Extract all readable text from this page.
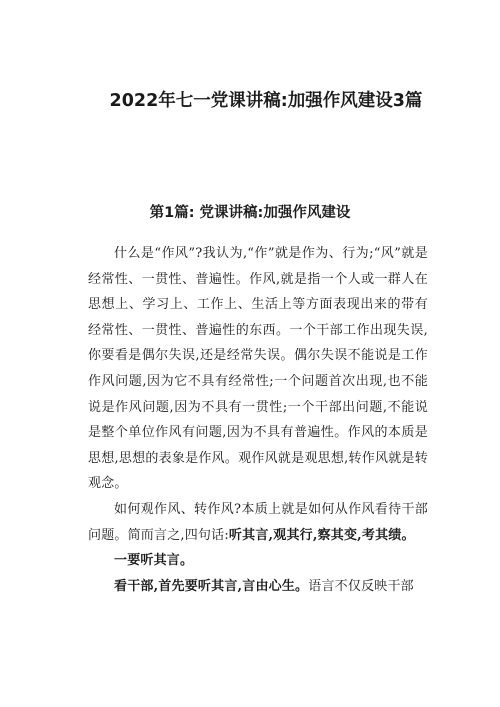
2022年七一党课讲稿:加强作风建设3篇
第1篇: 党课讲稿:加强作风建设

什么是“作风”?我认为,“作”就是作为、行为;“风”就是经常性、一贯性、普遍性。作风,就是指一个人或一群人在思想上、学习上、工作上、生活上等方面表现出来的带有经常性、一贯性、普遍性的东西。一个干部工作出现失误,你要看是偶尔失误,还是经常失误。偶尔失误不能说是工作作风问题,因为它不具有经常性;一个问题首次出现,也不能说是作风问题,因为不具有一贯性;一个干部出问题,不能说是整个单位作风有问题,因为不具有普遍性。作风的本质是思想,思想的表象是作风。观作风就是观思想,转作风就是转观念。

如何观作风、转作风?本质上就是如何从作风看待干部问题。简而言之,四句话:听其言,观其行,察其变,考其绩。

一要听其言。

看干部,首先要听其言,言由心生。语言不仅反映干部
